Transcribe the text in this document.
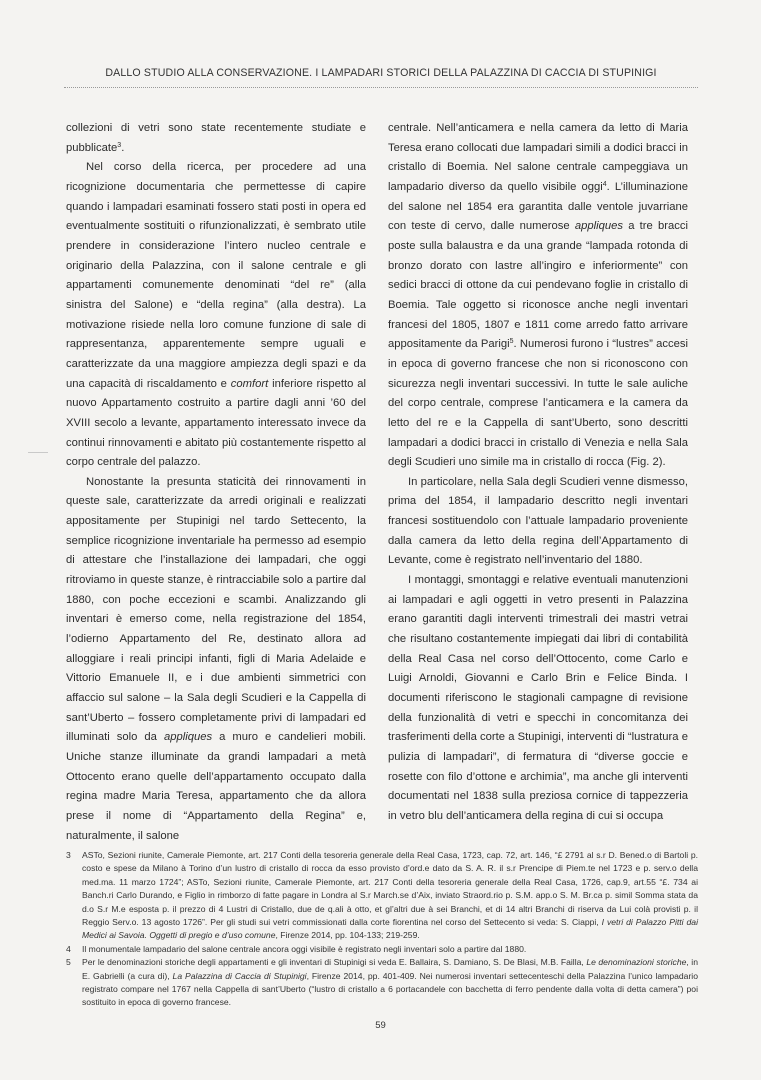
DALLO STUDIO ALLA CONSERVAZIONE. I LAMPADARI STORICI DELLA PALAZZINA DI CACCIA DI STUPINIGI

collezioni di vetri sono state recentemente studiate e pubblicate$^3$.

Nel corso della ricerca, per procedere ad una ricognizione documentaria che permettesse di capire quando i lampadari esaminati fossero stati posti in opera ed eventualmente sostituiti o rifunzionalizzati, è sembrato utile prendere in considerazione l’intero nucleo centrale e originario della Palazzina, con il salone centrale e gli appartamenti comunemente denominati “del re” (alla sinistra del Salone) e “della regina” (alla destra). La motivazione risiede nella loro comune funzione di sale di rappresentanza, apparentemente sempre uguali e caratterizzate da una maggiore ampiezza degli spazi e da una capacità di riscaldamento e comfort inferiore rispetto al nuovo Appartamento costruito a partire dagli anni ’60 del XVIII secolo a levante, appartamento interessato invece da continui rinnovamenti e abitato più costantemente rispetto al corpo centrale del palazzo.

Nonostante la presunta staticità dei rinnovamenti in queste sale, caratterizzate da arredi originali e realizzati appositamente per Stupinigi nel tardo Settecento, la semplice ricognizione inventariale ha permesso ad esempio di attestare che l’installazione dei lampadari, che oggi ritroviamo in queste stanze, è rintracciabile solo a partire dal 1880, con poche eccezioni e scambi. Analizzando gli inventari è emerso come, nella registrazione del 1854, l’odierno Appartamento del Re, destinato allora ad alloggiare i reali principi infanti, figli di Maria Adelaide e Vittorio Emanuele II, e i due ambienti simmetrici con affaccio sul salone – la Sala degli Scudieri e la Cappella di sant’Uberto – fossero completamente privi di lampadari ed illuminati solo da appliques a muro e candelieri mobili. Uniche stanze illuminate da grandi lampadari a metà Ottocento erano quelle dell’appartamento occupato dalla regina madre Maria Teresa, appartamento che da allora prese il nome di “Appartamento della Regina” e, naturalmente, il salone

centrale. Nell’anticamera e nella camera da letto di Maria Teresa erano collocati due lampadari simili a dodici bracci in cristallo di Boemia. Nel salone centrale campeggiava un lampadario diverso da quello visibile oggi$^4$. L’illuminazione del salone nel 1854 era garantita dalle ventole juvarriane con teste di cervo, dalle numerose appliques a tre bracci poste sulla balaustra e da una grande “lampada rotonda di bronzo dorato con lastre all’ingiro e inferiormente” con sedici bracci di ottone da cui pendevano foglie in cristallo di Boemia. Tale oggetto si riconosce anche negli inventari francesi del 1805, 1807 e 1811 come arredo fatto arrivare appositamente da Parigi$^5$. Numerosi furono i “lustres” accesi in epoca di governo francese che non si riconoscono con sicurezza negli inventari successivi. In tutte le sale auliche del corpo centrale, comprese l’anticamera e la camera da letto del re e la Cappella di sant’Uberto, sono descritti lampadari a dodici bracci in cristallo di Venezia e nella Sala degli Scudieri uno simile ma in cristallo di rocca (Fig. 2).

In particolare, nella Sala degli Scudieri venne dismesso, prima del 1854, il lampadario descritto negli inventari francesi sostituendolo con l’attuale lampadario proveniente dalla camera da letto della regina dell’Appartamento di Levante, come è registrato nell’inventario del 1880.

I montaggi, smontaggi e relative eventuali manutenzioni ai lampadari e agli oggetti in vetro presenti in Palazzina erano garantiti dagli interventi trimestrali dei mastri vetrai che risultano costantemente impiegati dai libri di contabilità della Real Casa nel corso dell’Ottocento, come Carlo e Luigi Arnoldi, Giovanni e Carlo Brin e Felice Binda. I documenti riferiscono le stagionali campagne di revisione della funzionalità di vetri e specchi in concomitanza dei trasferimenti della corte a Stupinigi, interventi di “lustratura e pulizia di lampadari”, di fermatura di “diverse goccie e rosette con filo d’ottone e archimia”, ma anche gli interventi documentati nel 1838 sulla preziosa cornice di tappezzeria in vetro blu dell’anticamera della regina di cui si occupa

3 ASTo, Sezioni riunite, Camerale Piemonte, art. 217 Conti della tesoreria generale della Real Casa, 1723, cap. 72, art. 146, “£ 2791 al s.r D. Bened.o di Bartoli p. costo e spese da Milano à Torino d’un lustro di cristallo di rocca da esso provisto d’ord.e dato da S. A. R. il s.r Prencipe di Piem.te nel 1723 e p. serv.o della med.ma. 11 marzo 1724”; ASTo, Sezioni riunite, Camerale Piemonte, art. 217 Conti della tesoreria generale della Real Casa, 1726, cap.9, art.55 “£. 734 ai Banch.ri Carlo Durando, e Figlio in rimborzo di fatte pagare in Londra al S.r March.se d’Aix, inviato Straord.rio p. S.M. app.o S. M. Br.ca p. simil Somma stata da d.o S.r M.e esposta p. il prezzo di 4 Lustri di Cristallo, due de q.ali à otto, et gl’altri due à sei Branchi, et di 14 altri Branchi di riserva da Lui colà provisti p. il Reggio Serv.o. 13 agosto 1726”. Per gli studi sui vetri commissionati dalla corte fiorentina nel corso del Settecento si veda: S. Ciappi, I vetri di Palazzo Pitti dai Medici ai Savoia. Oggetti di pregio e d’uso comune, Firenze 2014, pp. 104-133; 219-259.

4 Il monumentale lampadario del salone centrale ancora oggi visibile è registrato negli inventari solo a partire dal 1880.

5 Per le denominazioni storiche degli appartamenti e gli inventari di Stupinigi si veda E. Ballaira, S. Damiano, S. De Blasi, M.B. Failla, Le denominazioni storiche, in E. Gabrielli (a cura di), La Palazzina di Caccia di Stupinigi, Firenze 2014, pp. 401-409. Nei numerosi inventari settecenteschi della Palazzina l’unico lampadario registrato compare nel 1767 nella Cappella di sant’Uberto (“lustro di cristallo a 6 portacandele con bacchetta di ferro pendente dalla volta di detta camera”) poi sostituito in epoca di governo francese.

59
